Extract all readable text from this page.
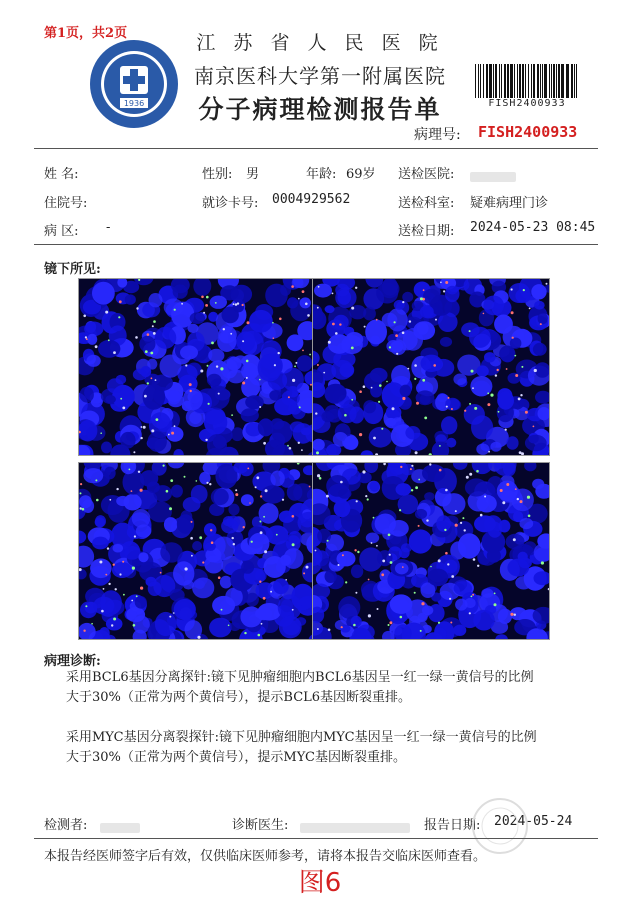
第1页，共2页
1936
江 苏 省 人 民 医 院
南京医科大学第一附属医院
分子病理检测报告单	FISH2400933
病理号: FISH2400933
姓 名:	性别: 男	年龄: 69岁 送检医院:
住院号:	就诊卡号: 0004929562	送检科室: 疑难病理门诊
病 区: -	送检日期: 2024-05-23 08:45
镜下所见:
病理诊断:
采用BCL6基因分离探针:镜下见肿瘤细胞内BCL6基因呈一红一绿一黄信号的比例
大于30%（正常为两个黄信号），提示BCL6基因断裂重排。
采用MYC基因分离裂探针:镜下见肿瘤细胞内MYC基因呈一红一绿一黄信号的比例
大于30%（正常为两个黄信号），提示MYC基因断裂重排。
检测者:	诊断医生:	报告日期: 2024-05-24
本报告经医师签字后有效，仅供临床医师参考，请将本报告交临床医师查看。
图6
